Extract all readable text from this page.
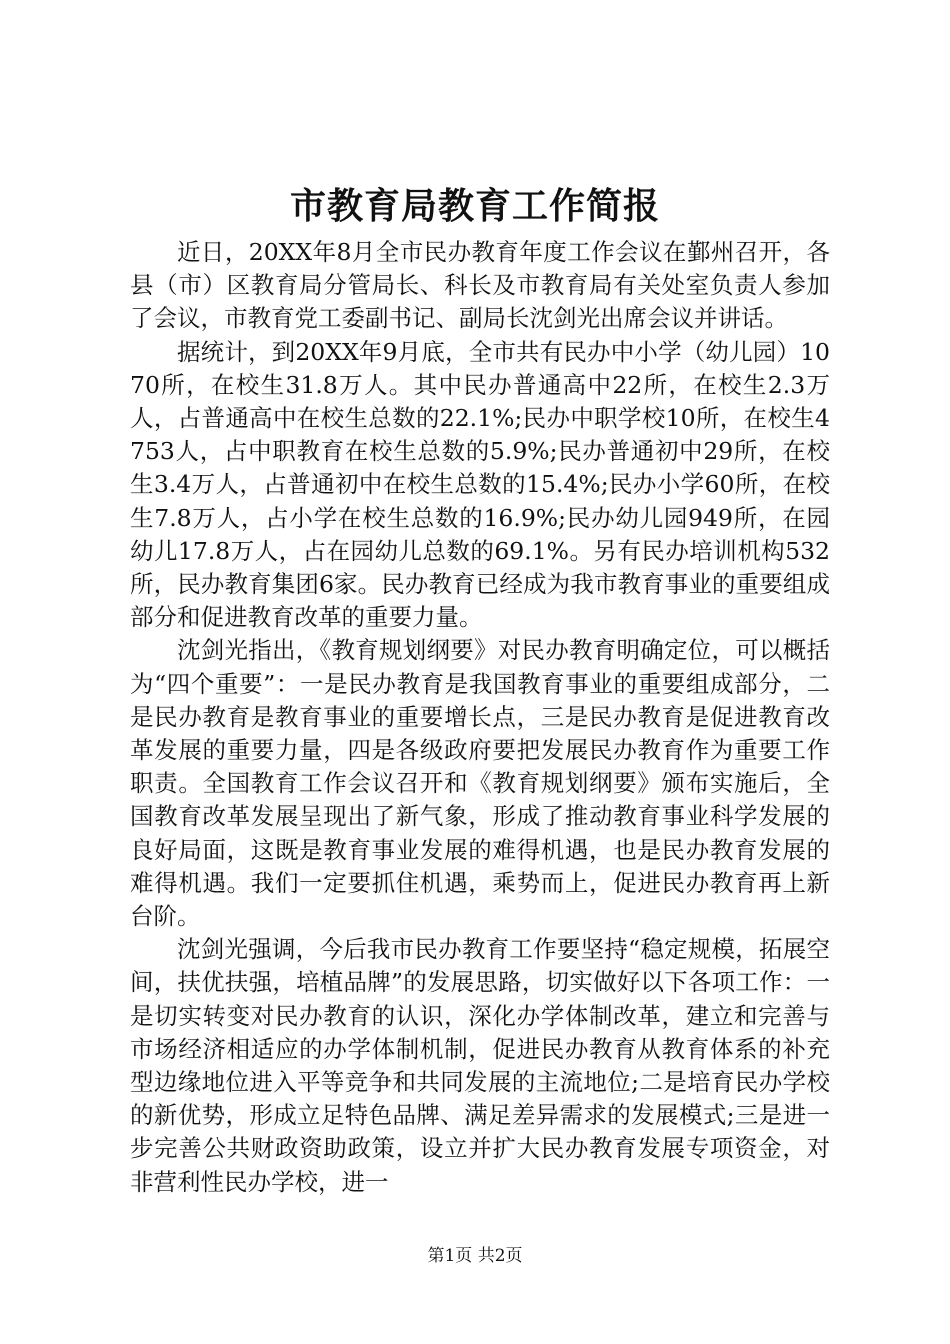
市教育局教育工作简报

近日，20XX年8月全市民办教育年度工作会议在鄞州召开，各县（市）区教育局分管局长、科长及市教育局有关处室负责人参加了会议，市教育党工委副书记、副局长沈剑光出席会议并讲话。

据统计，到20XX年9月底，全市共有民办中小学（幼儿园）1070所，在校生31.8万人。其中民办普通高中22所，在校生2.3万人，占普通高中在校生总数的22.1%;民办中职学校10所，在校生4753人，占中职教育在校生总数的5.9%;民办普通初中29所，在校生3.4万人，占普通初中在校生总数的15.4%;民办小学60所，在校生7.8万人，占小学在校生总数的16.9%;民办幼儿园949所，在园幼儿17.8万人，占在园幼儿总数的69.1%。另有民办培训机构532所，民办教育集团6家。民办教育已经成为我市教育事业的重要组成部分和促进教育改革的重要力量。

沈剑光指出，《教育规划纲要》对民办教育明确定位，可以概括为“四个重要”：一是民办教育是我国教育事业的重要组成部分，二是民办教育是教育事业的重要增长点，三是民办教育是促进教育改革发展的重要力量，四是各级政府要把发展民办教育作为重要工作职责。全国教育工作会议召开和《教育规划纲要》颁布实施后，全国教育改革发展呈现出了新气象，形成了推动教育事业科学发展的良好局面，这既是教育事业发展的难得机遇，也是民办教育发展的难得机遇。我们一定要抓住机遇，乘势而上，促进民办教育再上新台阶。

沈剑光强调，今后我市民办教育工作要坚持“稳定规模，拓展空间，扶优扶强，培植品牌”的发展思路，切实做好以下各项工作：一是切实转变对民办教育的认识，深化办学体制改革，建立和完善与市场经济相适应的办学体制机制，促进民办教育从教育体系的补充型边缘地位进入平等竞争和共同发展的主流地位;二是培育民办学校的新优势，形成立足特色品牌、满足差异需求的发展模式;三是进一步完善公共财政资助政策，设立并扩大民办教育发展专项资金，对非营利性民办学校，进一

第1页 共2页
